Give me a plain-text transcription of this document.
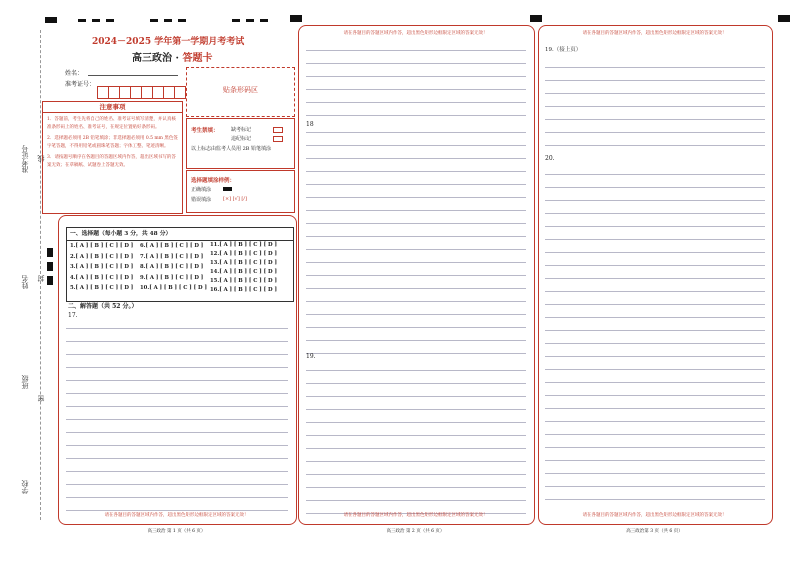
准考证号
姓名
班级
学校
线
封
密
2024－2025 学年第一学期月考考试
高三政治 · 答题卡
姓名：
准考证号：
贴条形码区
注意事项
1．答题前，考生先将自己的姓名、准考证号填写清楚，并认真核准条形码上的姓名、准考证号，在规定位置贴好条形码。
2．选择题必须用 2B 铅笔填涂；非选择题必须用 0.5 mm 黑色签字笔答题，不得用铅笔或圆珠笔答题；字体工整、笔迹清晰。
3．请按题号顺序在各题目的答题区域内作答，超出区域书写的答案无效；在草稿纸、试题卷上答题无效。
考生禁填： 缺考标记
违纪标记
以上标志由监考人员用 2B 铅笔填涂
选择题填涂样例：
正确填涂
错误填涂 [×] [√] [/]
一、选择题（每小题 3 分，共 48 分）
1.[ A ] [ B ] [ C ] [ D ]
2.[ A ] [ B ] [ C ] [ D ]
3.[ A ] [ B ] [ C ] [ D ]
4.[ A ] [ B ] [ C ] [ D ]
5.[ A ] [ B ] [ C ] [ D ]
6.[ A ] [ B ] [ C ] [ D ]
7.[ A ] [ B ] [ C ] [ D ]
8.[ A ] [ B ] [ C ] [ D ]
9.[ A ] [ B ] [ C ] [ D ]
10.[ A ] [ B ] [ C ] [ D ]
11.[ A ] [ B ] [ C ] [ D ]
12.[ A ] [ B ] [ C ] [ D ]
13.[ A ] [ B ] [ C ] [ D ]
14.[ A ] [ B ] [ C ] [ D ]
15.[ A ] [ B ] [ C ] [ D ]
16.[ A ] [ B ] [ C ] [ D ]
二、解答题（共 52 分。）
17.
请在各题目的答题区域内作答，超出黑色矩形边框限定区域的答案无效！
高三政治 第 1 页（共 6 页）
请在各题目的答题区域内作答，超出黑色矩形边框限定区域的答案无效！
18
19.
请在各题目的答题区域内作答，超出黑色矩形边框限定区域的答案无效！
高三政治 第 2 页（共 6 页）
请在各题目的答题区域内作答，超出黑色矩形边框限定区域的答案无效！
19.（接上页）
20.
请在各题目的答题区域内作答，超出黑色矩形边框限定区域的答案无效！
高三政治第 3 页（共 6 页）
